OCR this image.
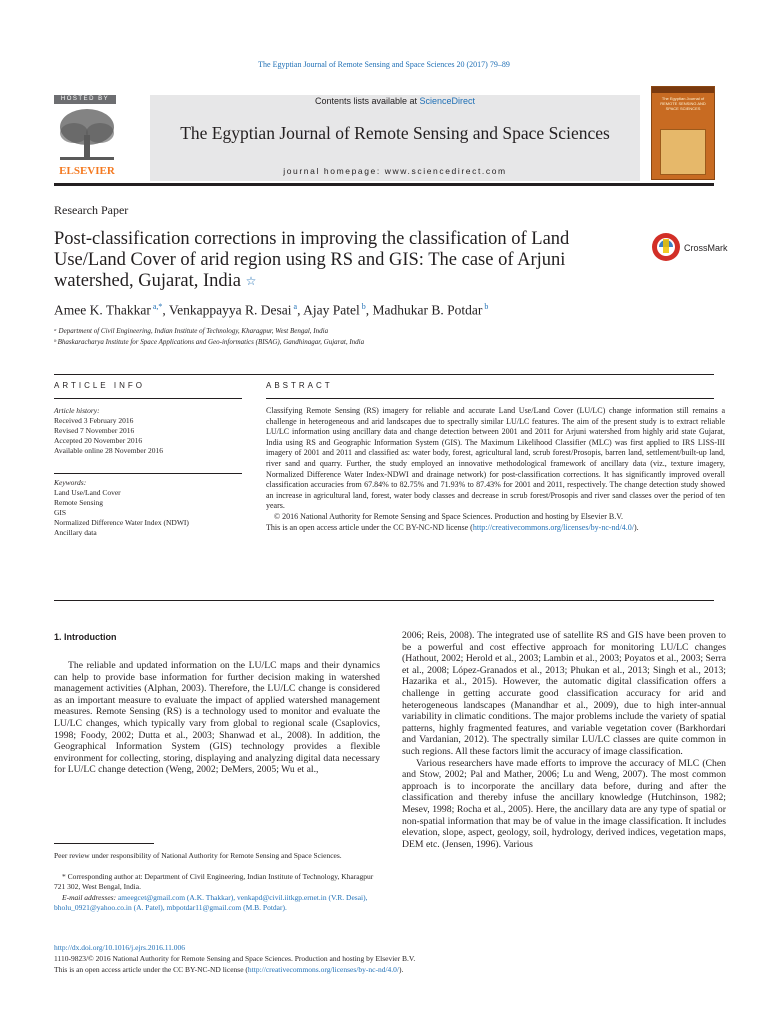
The Egyptian Journal of Remote Sensing and Space Sciences 20 (2017) 79–89
HOSTED BY
ELSEVIER
Contents lists available at ScienceDirect
The Egyptian Journal of Remote Sensing and Space Sciences
journal homepage: www.sciencedirect.com
The Egyptian Journal of REMOTE SENSING AND SPACE SCIENCES
Research Paper
Post-classification corrections in improving the classification of Land Use/Land Cover of arid region using RS and GIS: The case of Arjuni watershed, Gujarat, India ☆
CrossMark
Amee K. Thakkar $^{a,*}$, Venkappayya R. Desai $^a$, Ajay Patel $^b$, Madhukar B. Potdar $^b$
ᵃ Department of Civil Engineering, Indian Institute of Technology, Kharagpur, West Bengal, India
ᵇ Bhaskaracharya Institute for Space Applications and Geo-informatics (BISAG), Gandhinagar, Gujarat, India
ARTICLE INFO	ABSTRACT
Article history:
Received 3 February 2016
Revised 7 November 2016
Accepted 20 November 2016
Available online 28 November 2016
Keywords:
Land Use/Land Cover
Remote Sensing
GIS
Normalized Difference Water Index (NDWI)
Ancillary data
Classifying Remote Sensing (RS) imagery for reliable and accurate Land Use/Land Cover (LU/LC) change information still remains a challenge in heterogeneous and arid landscapes due to spectrally similar LU/LC features. The aim of the present study is to extract reliable LU/LC information using ancillary data and change detection between 2001 and 2011 for Arjuni watershed from highly arid state Gujarat, India using RS and Geographic Information System (GIS). The Maximum Likelihood Classifier (MLC) was first applied to IRS LISS-III imagery of 2001 and 2011 and classified as: water body, forest, agricultural land, scrub forest/Prosopis, barren land, settlement/built-up land, river sand and quarry. Further, the study employed an innovative methodological framework of ancillary data (viz., texture imagery, Normalized Difference Water Index-NDWI and drainage network) for post-classification corrections. It has significantly improved overall classification accuracies from 67.84% to 82.75% and 71.93% to 87.43% for 2001 and 2011, respectively. The change detection study showed an increase in agricultural land, forest, water body classes and decrease in scrub forest/Prosopis and river sand classes over the period of ten years.
© 2016 National Authority for Remote Sensing and Space Sciences. Production and hosting by Elsevier B.V.
This is an open access article under the CC BY-NC-ND license (http://creativecommons.org/licenses/by-nc-nd/4.0/).
1. Introduction

The reliable and updated information on the LU/LC maps and their dynamics can help to provide base information for further decision making in watershed management activities (Alphan, 2003). Therefore, the LU/LC change is considered as an important measure to evaluate the impact of applied watershed management measures. Remote Sensing (RS) is a technology used to monitor and evaluate the LU/LC changes, which typically vary from global to regional scale (Csaplovics, 1998; Foody, 2002; Dutta et al., 2003; Shanwad et al., 2008). In addition, the Geographical Information System (GIS) technology provides a flexible environment for collecting, storing, displaying and analyzing digital data necessary for LU/LC change detection (Weng, 2002; DeMers, 2005; Wu et al.,

2006; Reis, 2008). The integrated use of satellite RS and GIS have been proven to be a powerful and cost effective approach for monitoring LU/LC changes (Hathout, 2002; Herold et al., 2003; Lambin et al., 2003; Poyatos et al., 2003; Serra et al., 2008; López-Granados et al., 2013; Phukan et al., 2013; Singh et al., 2013; Hazarika et al., 2015). However, the automatic digital classification offers a challenge in getting accurate good classification accuracy for arid and heterogeneous landscapes (Manandhar et al., 2009), due to high inter-annual variability in climatic conditions. The major problems include the variety of spatial patterns, highly fragmented features, and variable vegetation cover (Barkhordari and Vardanian, 2012). The spectrally similar LU/LC classes are quite common in such regions. All these factors limit the accuracy of image classification.

Various researchers have made efforts to improve the accuracy of MLC (Chen and Stow, 2002; Pal and Mather, 2006; Lu and Weng, 2007). The most common approach is to incorporate the ancillary data before, during and after the classification and thereby infuse the ancillary knowledge (Hutchinson, 1982; Mesev, 1998; Rocha et al., 2005). Here, the ancillary data are any type of spatial or non-spatial information that may be of value in the image classification. It includes elevation, slope, aspect, geology, soil, hydrology, derived indices, vegetation maps, DEM etc. (Jensen, 1996). Various

Peer review under responsibility of National Authority for Remote Sensing and Space Sciences.
* Corresponding author at: Department of Civil Engineering, Indian Institute of Technology, Kharagpur 721 302, West Bengal, India.
E-mail addresses: ameegcet@gmail.com (A.K. Thakkar), venkapd@civil.iitkgp.ernet.in (V.R. Desai), bholu_0921@yahoo.co.in (A. Patel), mbpotdar11@gmail.com (M.B. Potdar).
http://dx.doi.org/10.1016/j.ejrs.2016.11.006
1110-9823/© 2016 National Authority for Remote Sensing and Space Sciences. Production and hosting by Elsevier B.V.
This is an open access article under the CC BY-NC-ND license (http://creativecommons.org/licenses/by-nc-nd/4.0/).
